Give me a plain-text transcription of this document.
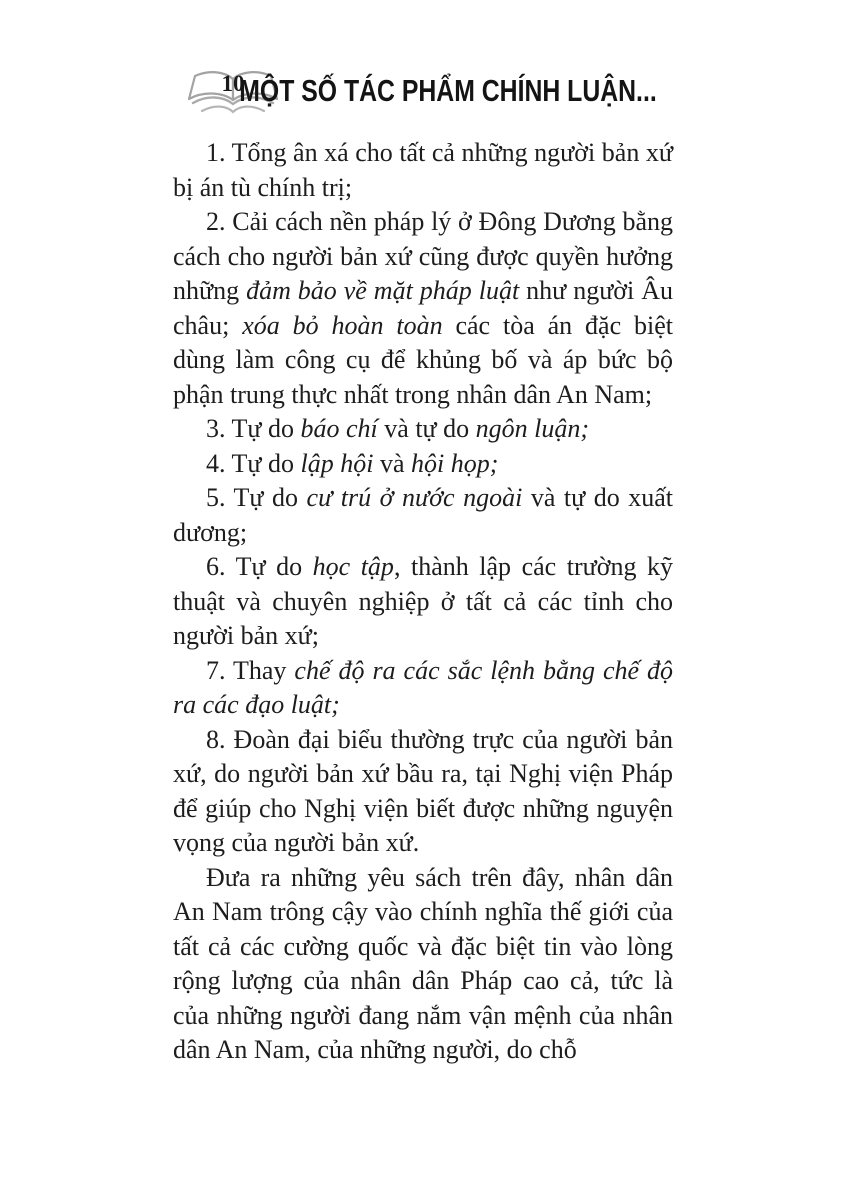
10
MỘT SỐ TÁC PHẨM CHÍNH LUẬN...

1. Tổng ân xá cho tất cả những người bản xứ bị án tù chính trị;

2. Cải cách nền pháp lý ở Đông Dương bằng cách cho người bản xứ cũng được quyền hưởng những đảm bảo về mặt pháp luật như người Âu châu; xóa bỏ hoàn toàn các tòa án đặc biệt dùng làm công cụ để khủng bố và áp bức bộ phận trung thực nhất trong nhân dân An Nam;

3. Tự do báo chí và tự do ngôn luận;

4. Tự do lập hội và hội họp;

5. Tự do cư trú ở nước ngoài và tự do xuất dương;

6. Tự do học tập, thành lập các trường kỹ thuật và chuyên nghiệp ở tất cả các tỉnh cho người bản xứ;

7. Thay chế độ ra các sắc lệnh bằng chế độ ra các đạo luật;

8. Đoàn đại biểu thường trực của người bản xứ, do người bản xứ bầu ra, tại Nghị viện Pháp để giúp cho Nghị viện biết được những nguyện vọng của người bản xứ.

Đưa ra những yêu sách trên đây, nhân dân An Nam trông cậy vào chính nghĩa thế giới của tất cả các cường quốc và đặc biệt tin vào lòng rộng lượng của nhân dân Pháp cao cả, tức là của những người đang nắm vận mệnh của nhân dân An Nam, của những người, do chỗ
